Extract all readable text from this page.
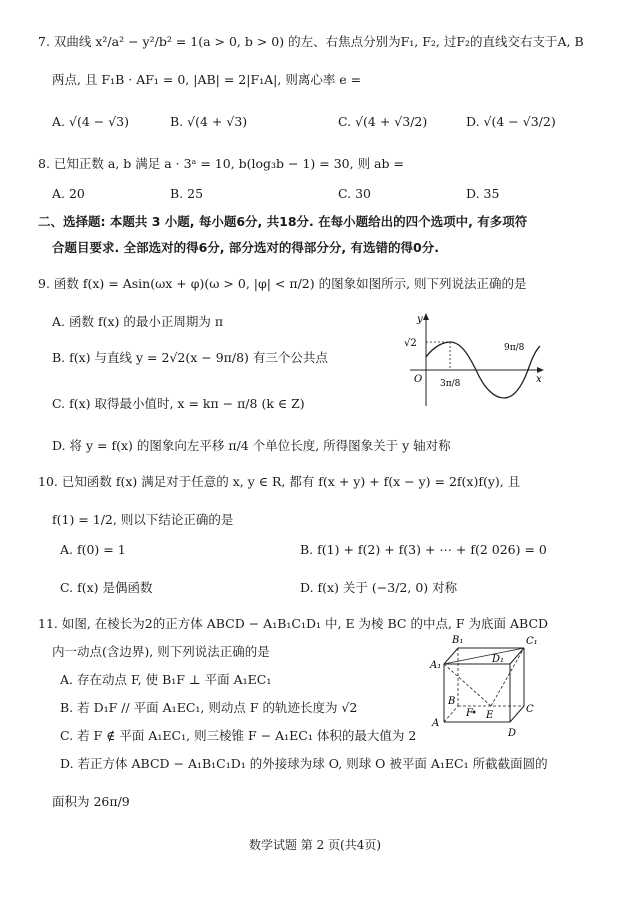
7. 双曲线 x²/a² − y²/b² = 1(a > 0, b > 0) 的左、右焦点分别为F₁, F₂, 过F₂的直线交右支于A, B
两点, 且 F₁B · AF₁ = 0, |AB| = 2|F₁A|, 则离心率 e =
A. √(4 − √3)	B. √(4 + √3)	C. √(4 + √3/2)	D. √(4 − √3/2)
8. 已知正数 a, b 满足 a · 3ᵃ = 10, b(log₃b − 1) = 30, 则 ab =
A. 20	B. 25	C. 30	D. 35
二、选择题: 本题共 3 小题, 每小题6分, 共18分. 在每小题给出的四个选项中, 有多项符
合题目要求. 全部选对的得6分, 部分选对的得部分分, 有选错的得0分.
9. 函数 f(x) = Asin(ωx + φ)(ω > 0, |φ| < π/2) 的图象如图所示, 则下列说法正确的是
A. 函数 f(x) 的最小正周期为 π
B. f(x) 与直线 y = 2√2(x − 9π/8) 有三个公共点
C. f(x) 取得最小值时, x = kπ − π/8 (k ∈ Z)
D. 将 y = f(x) 的图象向左平移 π/4 个单位长度, 所得图象关于 y 轴对称
y
x
O
√2
3π/8
9π/8
10. 已知函数 f(x) 满足对于任意的 x, y ∈ R, 都有 f(x + y) + f(x − y) = 2f(x)f(y), 且
f(1) = 1/2, 则以下结论正确的是
A. f(0) = 1	B. f(1) + f(2) + f(3) + ⋯ + f(2 026) = 0
C. f(x) 是偶函数	D. f(x) 关于 (−3/2, 0) 对称
11. 如图, 在棱长为2的正方体 ABCD − A₁B₁C₁D₁ 中, E 为棱 BC 的中点, F 为底面 ABCD
内一动点(含边界), 则下列说法正确的是
A. 存在动点 F, 使 B₁F ⊥ 平面 A₁EC₁
B. 若 D₁F // 平面 A₁EC₁, 则动点 F 的轨迹长度为 √2
C. 若 F ∉ 平面 A₁EC₁, 则三棱锥 F − A₁EC₁ 体积的最大值为 2
D. 若正方体 ABCD − A₁B₁C₁D₁ 的外接球为球 O, 则球 O 被平面 A₁EC₁ 所截截面圆的
面积为 26π/9
B₁	C₁
A₁
D₁
B
C
A
D
E
F
数学试题 第 2 页(共4页)
